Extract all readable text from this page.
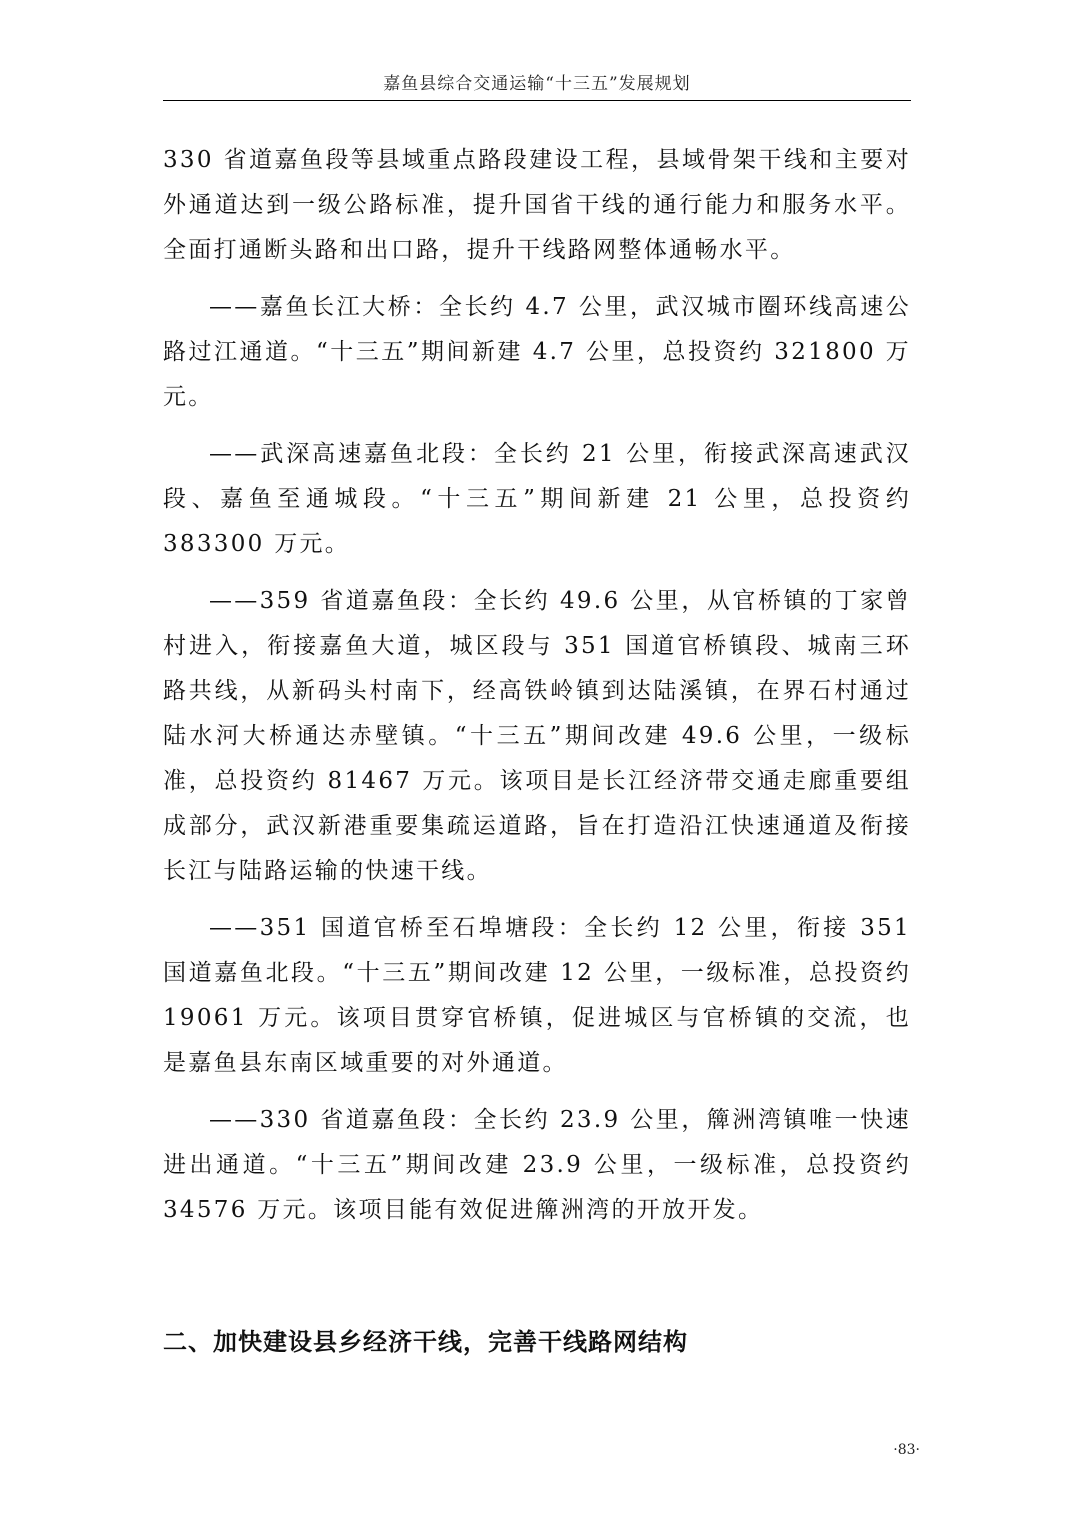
嘉鱼县综合交通运输“十三五”发展规划

330 省道嘉鱼段等县域重点路段建设工程，县域骨架干线和主要对外通道达到一级公路标准，提升国省干线的通行能力和服务水平。全面打通断头路和出口路，提升干线路网整体通畅水平。

——嘉鱼长江大桥：全长约 4.7 公里，武汉城市圈环线高速公路过江通道。“十三五”期间新建 4.7 公里，总投资约 321800 万元。

——武深高速嘉鱼北段：全长约 21 公里，衔接武深高速武汉段、嘉鱼至通城段。“十三五”期间新建 21 公里，总投资约 383300 万元。

——359 省道嘉鱼段：全长约 49.6 公里，从官桥镇的丁家曾村进入，衔接嘉鱼大道，城区段与 351 国道官桥镇段、城南三环路共线，从新码头村南下，经高铁岭镇到达陆溪镇，在界石村通过陆水河大桥通达赤壁镇。“十三五”期间改建 49.6 公里，一级标准，总投资约 81467 万元。该项目是长江经济带交通走廊重要组成部分，武汉新港重要集疏运道路，旨在打造沿江快速通道及衔接长江与陆路运输的快速干线。

——351 国道官桥至石埠塘段：全长约 12 公里，衔接 351 国道嘉鱼北段。“十三五”期间改建 12 公里，一级标准，总投资约 19061 万元。该项目贯穿官桥镇，促进城区与官桥镇的交流，也是嘉鱼县东南区域重要的对外通道。

——330 省道嘉鱼段：全长约 23.9 公里，簰洲湾镇唯一快速进出通道。“十三五”期间改建 23.9 公里，一级标准，总投资约 34576 万元。该项目能有效促进簰洲湾的开放开发。

二、加快建设县乡经济干线，完善干线路网结构
·83·
